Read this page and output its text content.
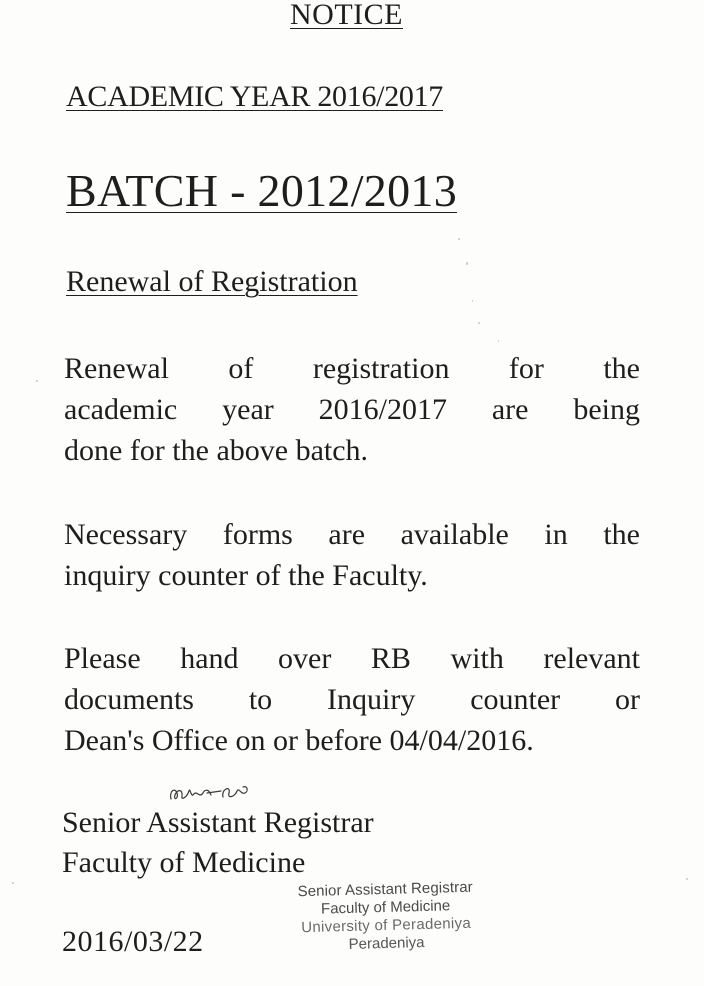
NOTICE
ACADEMIC YEAR 2016/2017
BATCH - 2012/2013
Renewal of Registration

Renewal of registration for the
academic year 2016/2017 are being
done for the above batch.

Necessary forms are available in the
inquiry counter of the Faculty.

Please hand over RB with relevant
documents to Inquiry counter or
Dean's Office on or before 04/04/2016.

Senior Assistant Registrar
Faculty of Medicine
2016/03/22
Senior Assistant Registrar
Faculty of Medicine
University of Peradeniya
Peradeniya
